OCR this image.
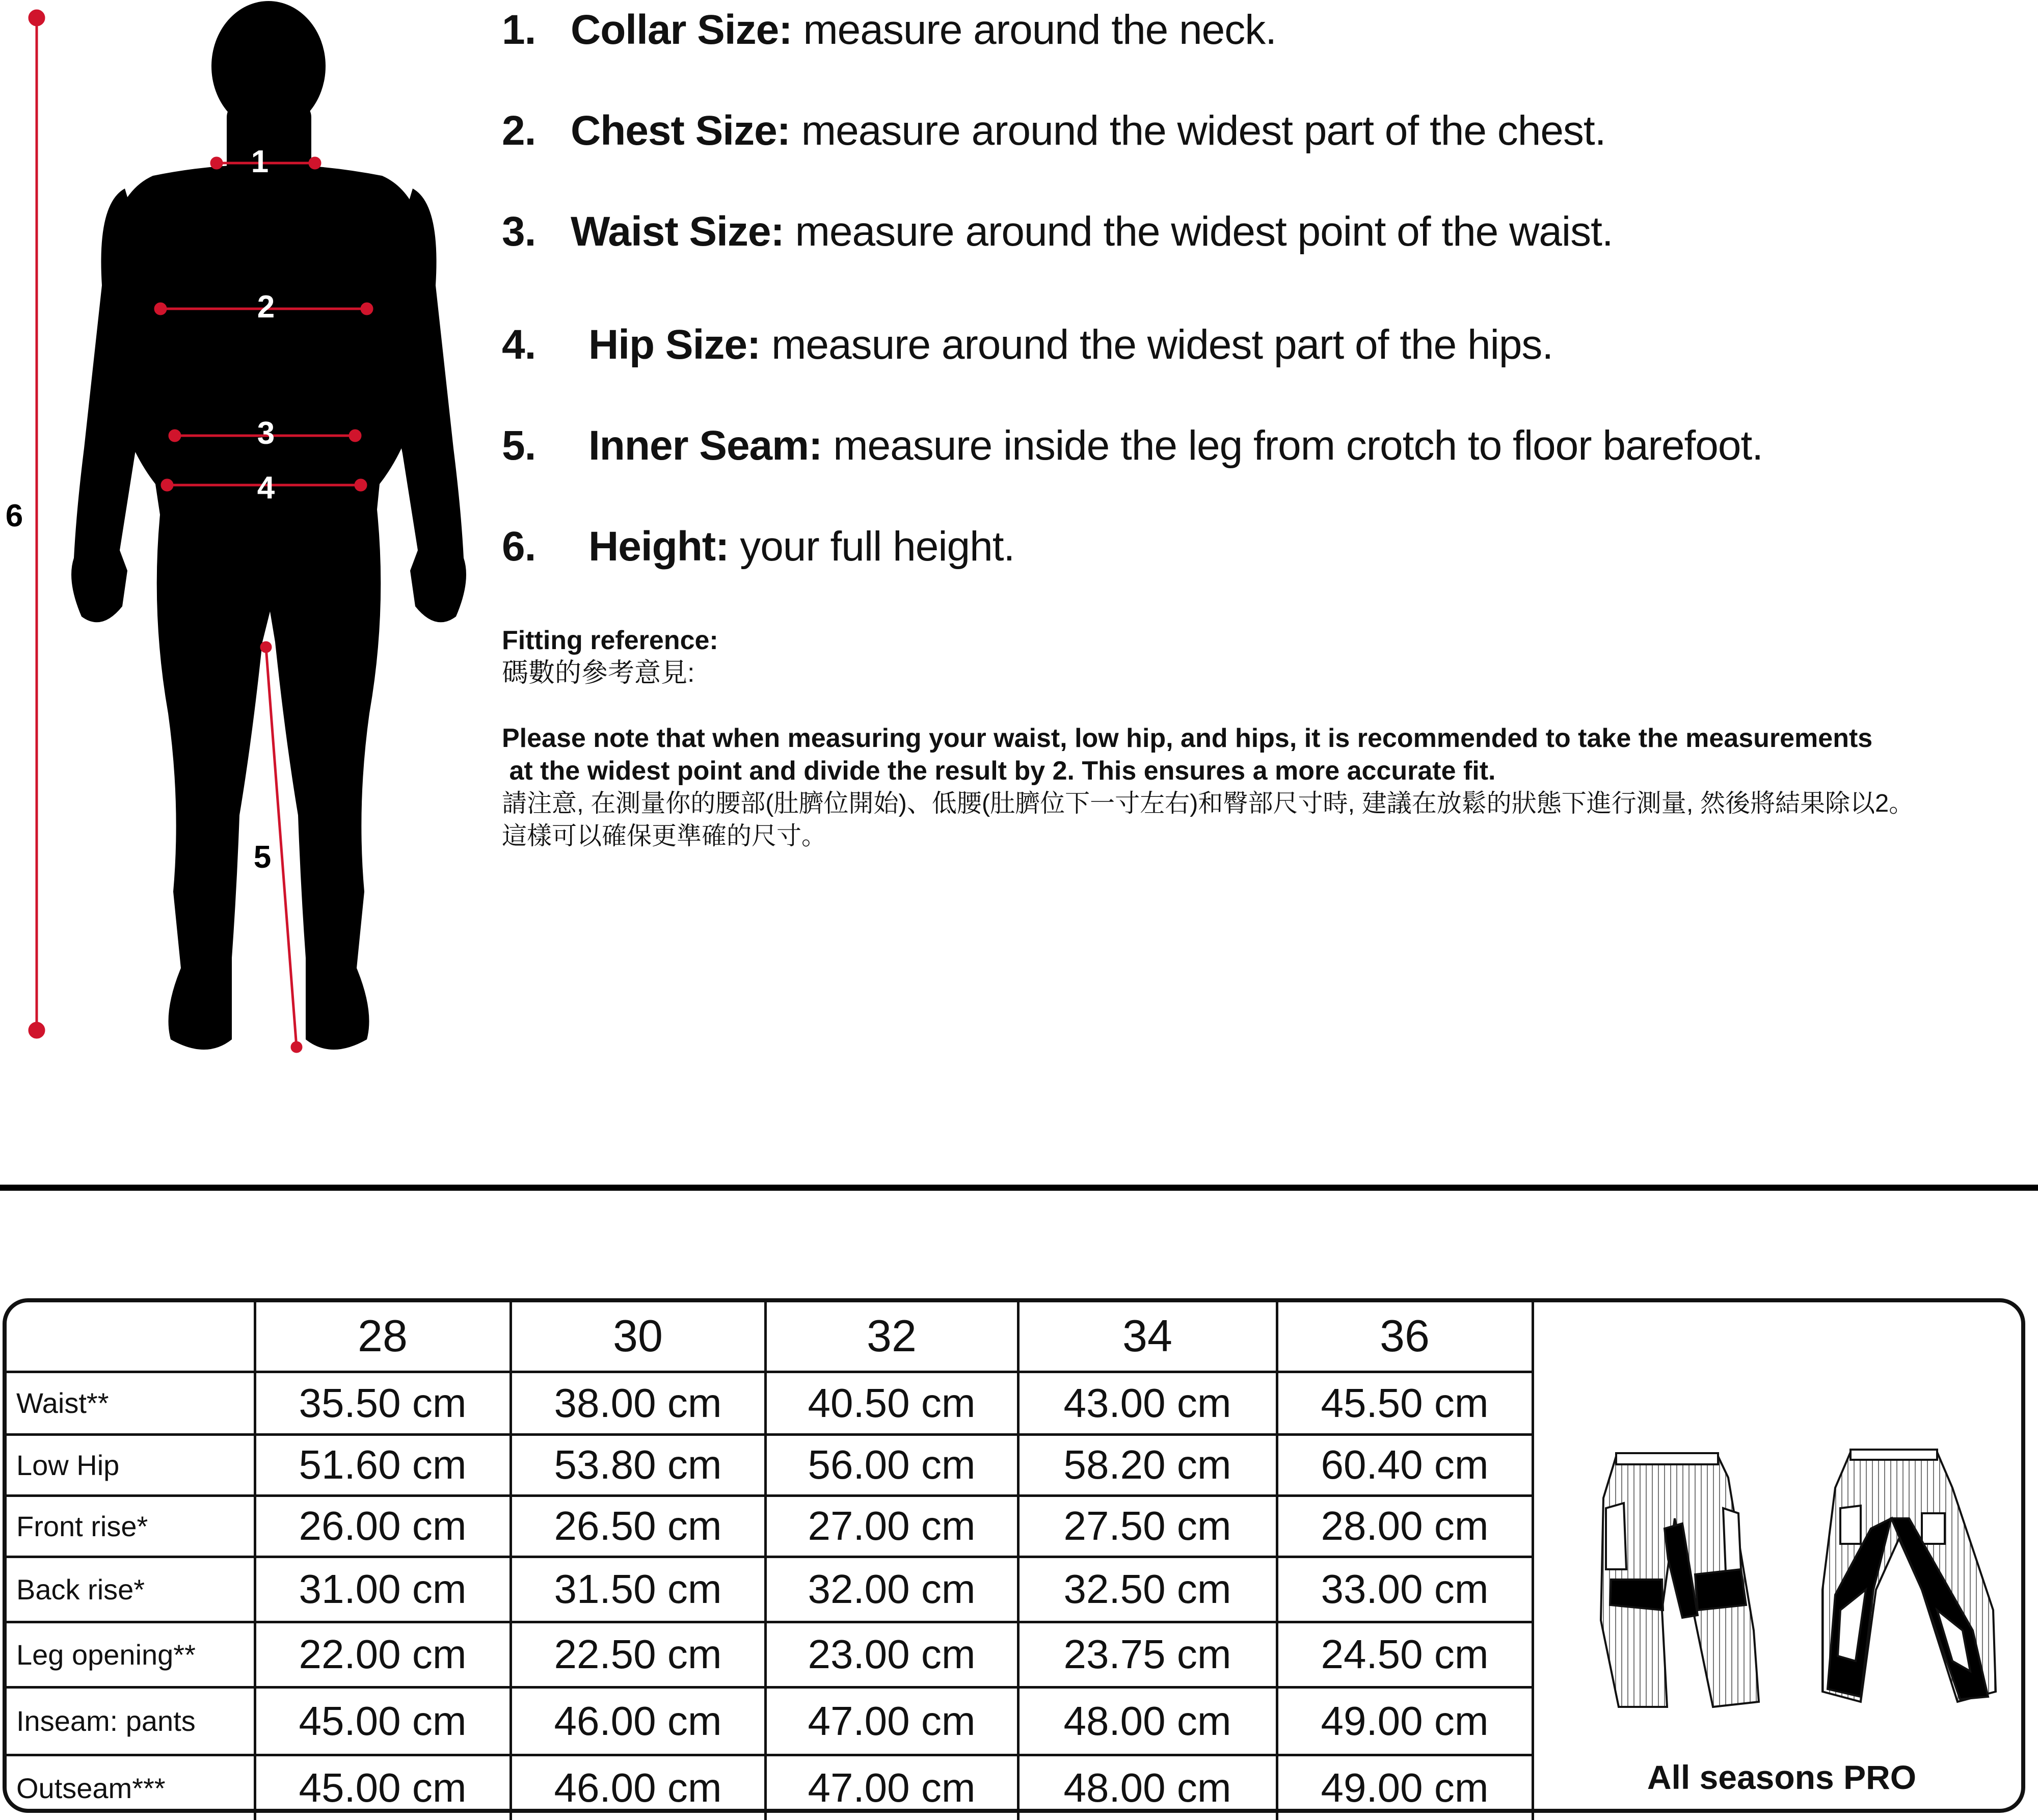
1
2
3
4
5
6
1. Collar Size: measure around the neck.
2. Chest Size: measure around the widest part of the chest.
3. Waist Size: measure around the widest point of the waist.
4. Hip Size: measure around the widest part of the hips.
5. Inner Seam: measure inside the leg from crotch to floor barefoot.
6. Height: your full height.
Fitting reference:
碼數的參考意見:
Please note that when measuring your waist, low hip, and hips, it is recommended to take the measurements
at the widest point and divide the result by 2. This ensures a more accurate fit.
請注意, 在測量你的腰部(肚臍位開始)、低腰(肚臍位下一寸左右)和臀部尺寸時, 建議在放鬆的狀態下進行測量, 然後將結果除以2。
這樣可以確保更準確的尺寸。
	28	30	32	34	36
Waist**	35.50 cm	38.00 cm	40.50 cm	43.00 cm	45.50 cm
Low Hip	51.60 cm	53.80 cm	56.00 cm	58.20 cm	60.40 cm
Front rise*	26.00 cm	26.50 cm	27.00 cm	27.50 cm	28.00 cm
Back rise*	31.00 cm	31.50 cm	32.00 cm	32.50 cm	33.00 cm
Leg opening**	22.00 cm	22.50 cm	23.00 cm	23.75 cm	24.50 cm
Inseam: pants	45.00 cm	46.00 cm	47.00 cm	48.00 cm	49.00 cm
Outseam***	45.00 cm	46.00 cm	47.00 cm	48.00 cm	49.00 cm	All seasons PRO
